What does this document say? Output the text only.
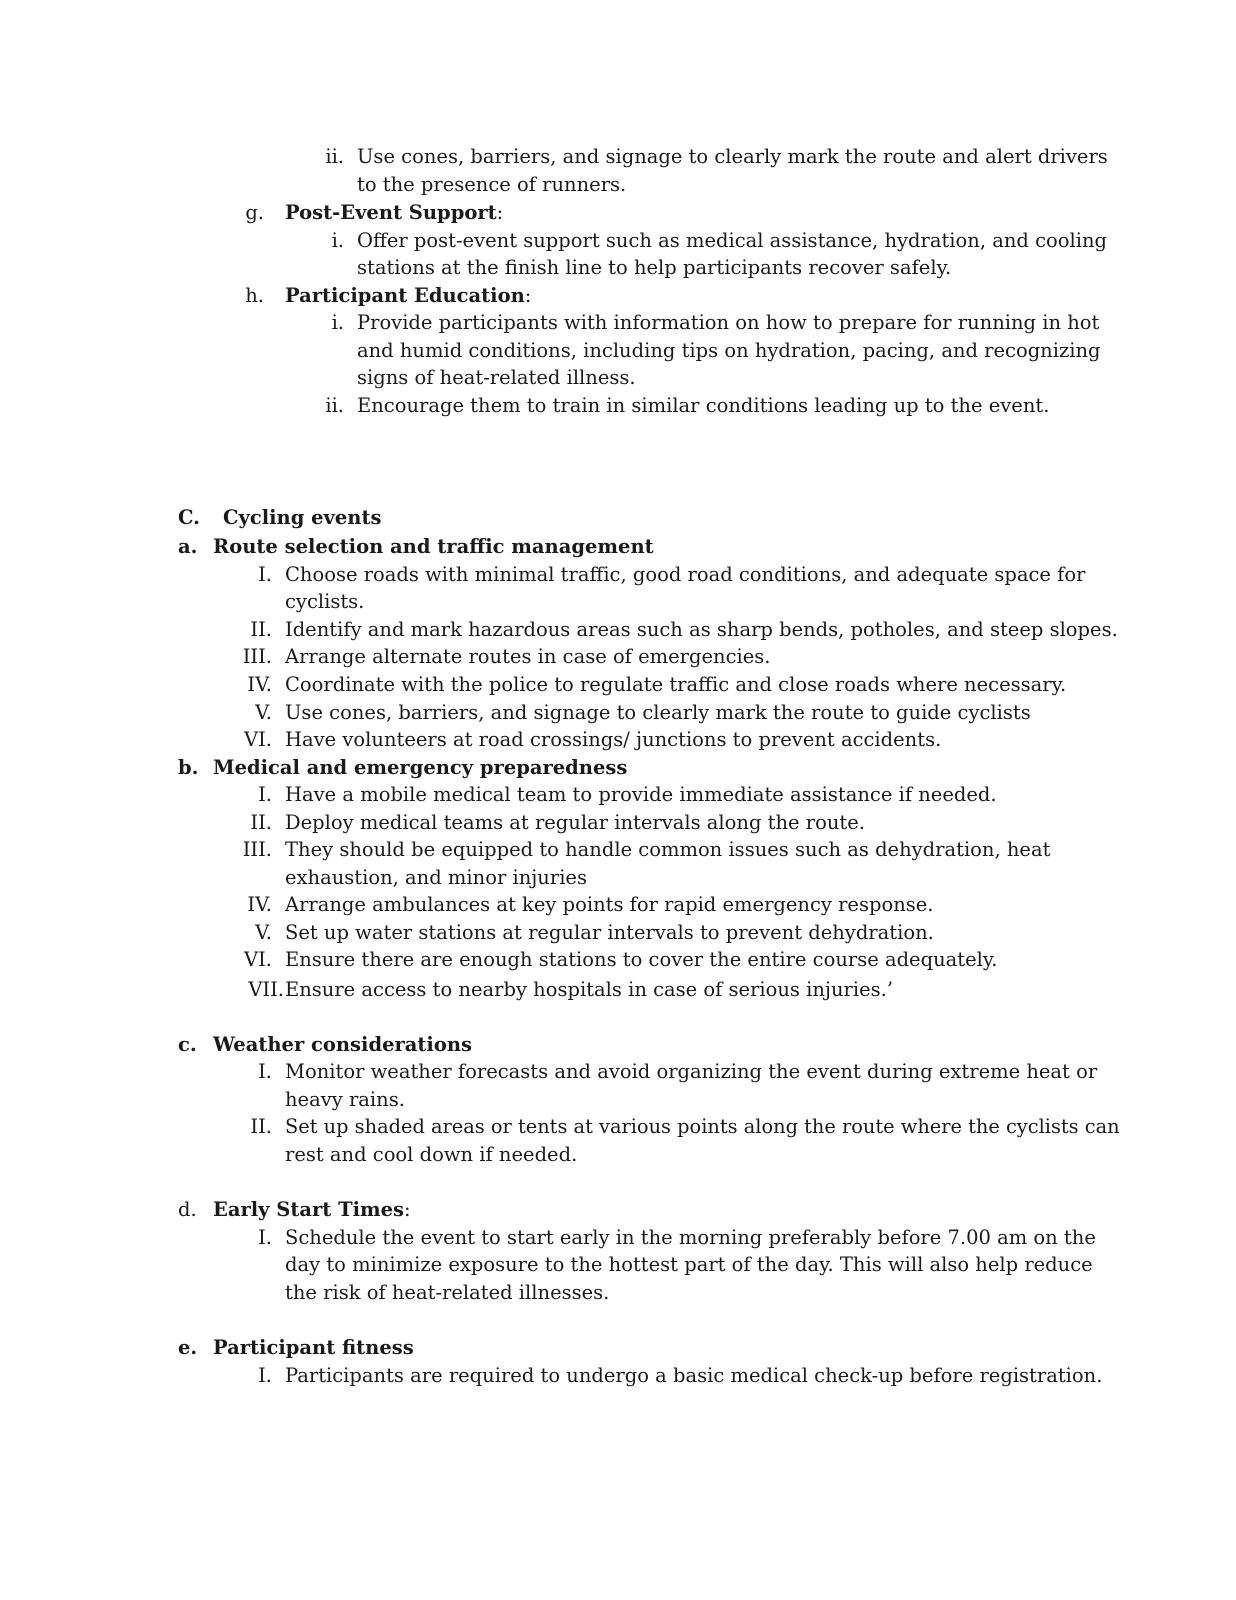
ii. Use cones, barriers, and signage to clearly mark the route and alert drivers
to the presence of runners.
g. Post-Event Support:
i. Offer post-event support such as medical assistance, hydration, and cooling
stations at the finish line to help participants recover safely.
h. Participant Education:
i. Provide participants with information on how to prepare for running in hot
and humid conditions, including tips on hydration, pacing, and recognizing
signs of heat-related illness.
ii. Encourage them to train in similar conditions leading up to the event.
C. Cycling events
a. Route selection and traffic management
I. Choose roads with minimal traffic, good road conditions, and adequate space for
cyclists.
II. Identify and mark hazardous areas such as sharp bends, potholes, and steep slopes.
III. Arrange alternate routes in case of emergencies.
IV. Coordinate with the police to regulate traffic and close roads where necessary.
V. Use cones, barriers, and signage to clearly mark the route to guide cyclists
VI. Have volunteers at road crossings/ junctions to prevent accidents.
b. Medical and emergency preparedness
I. Have a mobile medical team to provide immediate assistance if needed.
II. Deploy medical teams at regular intervals along the route.
III. They should be equipped to handle common issues such as dehydration, heat
exhaustion, and minor injuries
IV. Arrange ambulances at key points for rapid emergency response.
V. Set up water stations at regular intervals to prevent dehydration.
VI. Ensure there are enough stations to cover the entire course adequately.
VII. Ensure access to nearby hospitals in case of serious injuries.’
c. Weather considerations
I. Monitor weather forecasts and avoid organizing the event during extreme heat or
heavy rains.
II. Set up shaded areas or tents at various points along the route where the cyclists can
rest and cool down if needed.
d. Early Start Times:
I. Schedule the event to start early in the morning preferably before 7.00 am on the
day to minimize exposure to the hottest part of the day. This will also help reduce
the risk of heat-related illnesses.
e. Participant fitness
I. Participants are required to undergo a basic medical check-up before registration.
